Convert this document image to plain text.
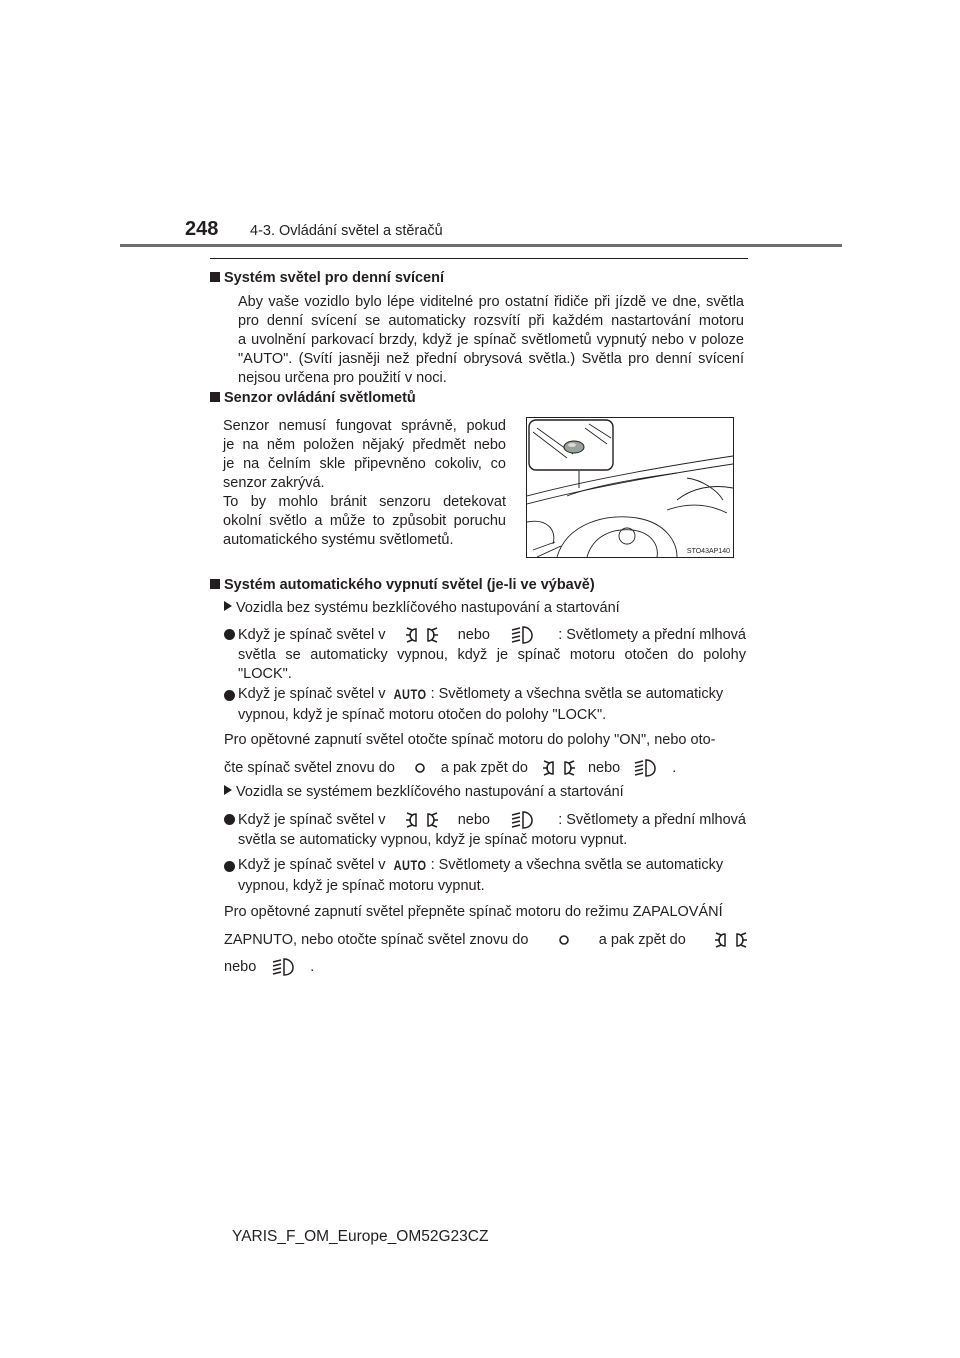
248 4-3. Ovládání světel a stěračů
Systém světel pro denní svícení

Aby vaše vozidlo bylo lépe viditelné pro ostatní řidiče při jízdě ve dne, světla

pro denní svícení se automaticky rozsvítí při každém nastartování motoru

a uvolnění parkovací brzdy, když je spínač světlometů vypnutý nebo v poloze

"AUTO". (Svítí jasněji než přední obrysová světla.) Světla pro denní svícení

nejsou určena pro použití v noci.

Senzor ovládání světlometů

Senzor nemusí fungovat správně, pokud

je na něm položen nějaký předmět nebo

je na čelním skle připevněno cokoliv, co

senzor zakrývá.

To by mohlo bránit senzoru detekovat

okolní světlo a může to způsobit poruchu

automatického systému světlometů.

STO43AP140
Systém automatického vypnutí světel (je-li ve výbavě)
Vozidla bez systému bezklíčového nastupování a startování
Když je spínač světel v	nebo	: Světlomety a přední mlhová

světla se automaticky vypnou, když je spínač motoru otočen do polohy

"LOCK".

Když je spínač světel v AUTO : Světlomety a všechna světla se automaticky
vypnou, když je spínač motoru otočen do polohy "LOCK".
Pro opětovné zapnutí světel otočte spínač motoru do polohy "ON", nebo oto-
čte spínač světel znovu do	a pak zpět do	nebo	.
Vozidla se systémem bezklíčového nastupování a startování
Když je spínač světel v	nebo	: Světlomety a přední mlhová
světla se automaticky vypnou, když je spínač motoru vypnut.
Když je spínač světel v AUTO : Světlomety a všechna světla se automaticky
vypnou, když je spínač motoru vypnut.
Pro opětovné zapnutí světel přepněte spínač motoru do režimu ZAPALOVÁNÍ
ZAPNUTO, nebo otočte spínač světel znovu do	a pak zpět do
nebo	.
YARIS_F_OM_Europe_OM52G23CZ
